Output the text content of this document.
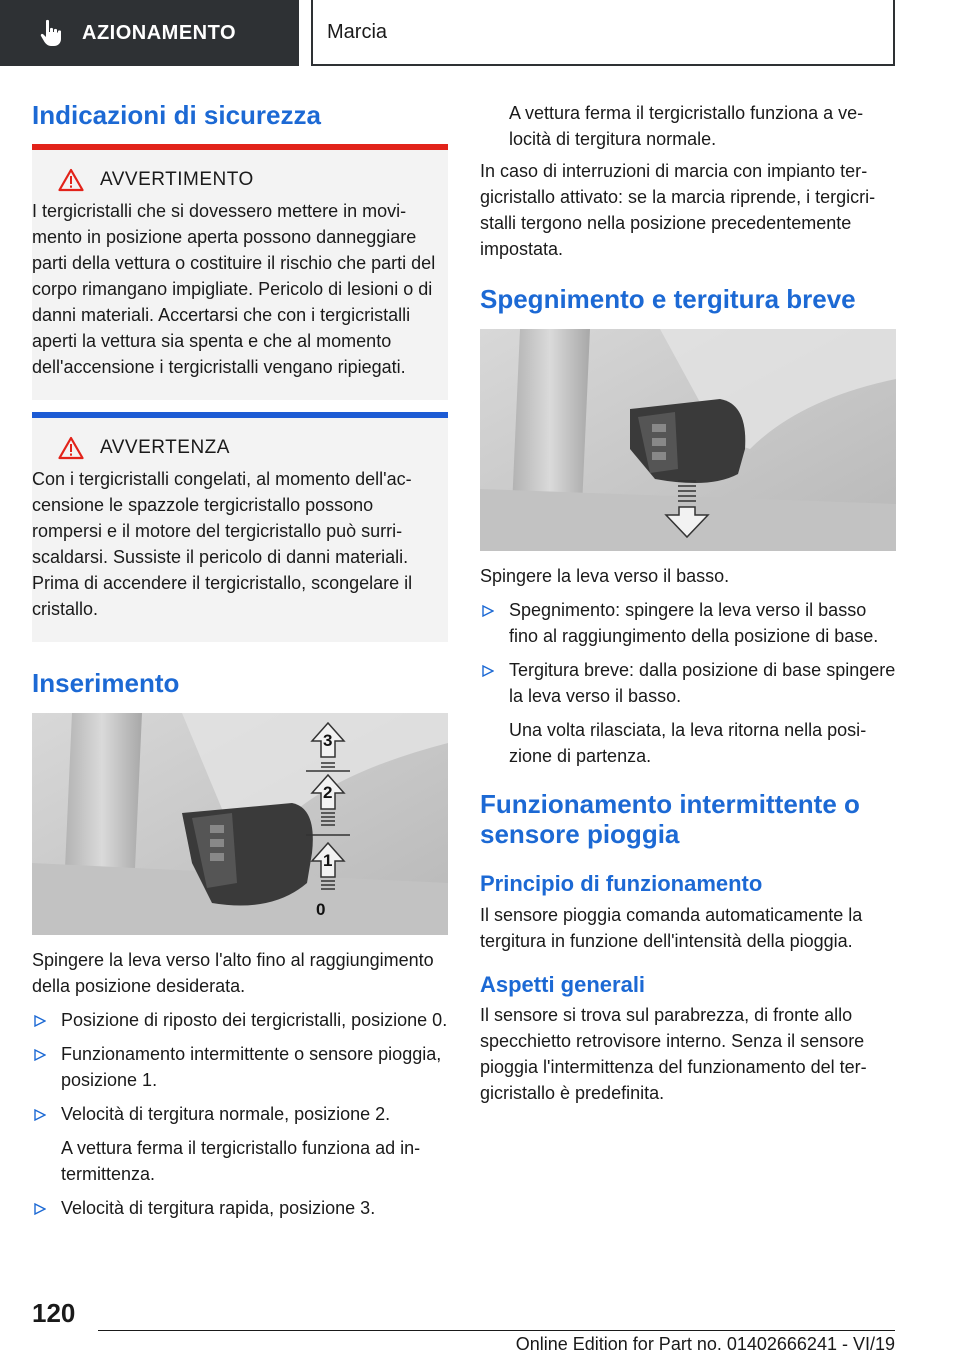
AZIONAMENTO	Marcia
Indicazioni di sicurezza
AVVERTIMENTO

I tergicristalli che si dovessero mettere in movimento in posizione aperta possono danneggiare parti della vettura o costituire il rischio che parti del corpo rimangano impigliate. Pericolo di lesioni o di danni materiali. Accertarsi che con i tergicristalli aperti la vettura sia spenta e che al momento dell'accensione i tergicristalli vengano ripiegati.

AVVERTENZA

Con i tergicristalli congelati, al momento dell'accensione le spazzole tergicristallo possono rompersi e il motore del tergicristallo può surriscaldarsi. Sussiste il pericolo di danni materiali. Prima di accendere il tergicristallo, scongelare il cristallo.

Inserimento
3
2
1
0

Spingere la leva verso l'alto fino al raggiungimento della posizione desiderata.

Posizione di riposto dei tergicristalli, posizione 0.
Funzionamento intermittente o sensore pioggia, posizione 1.
Velocità di tergitura normale, posizione 2.

A vettura ferma il tergicristallo funziona ad intermittenza.

Velocità di tergitura rapida, posizione 3.

A vettura ferma il tergicristallo funziona a velocità di tergitura normale.

In caso di interruzioni di marcia con impianto tergicristallo attivato: se la marcia riprende, i tergicristalli tergono nella posizione precedentemente impostata.

Spegnimento e tergitura breve

Spingere la leva verso il basso.

Spegnimento: spingere la leva verso il basso fino al raggiungimento della posizione di base.
Tergitura breve: dalla posizione di base spingere la leva verso il basso.

Una volta rilasciata, la leva ritorna nella posizione di partenza.

Funzionamento intermittente o sensore pioggia
Principio di funzionamento

Il sensore pioggia comanda automaticamente la tergitura in funzione dell'intensità della pioggia.

Aspetti generali

Il sensore si trova sul parabrezza, di fronte allo specchietto retrovisore interno. Senza il sensore pioggia l'intermittenza del funzionamento del tergicristallo è predefinita.

120
Online Edition for Part no. 01402666241 - VI/19
